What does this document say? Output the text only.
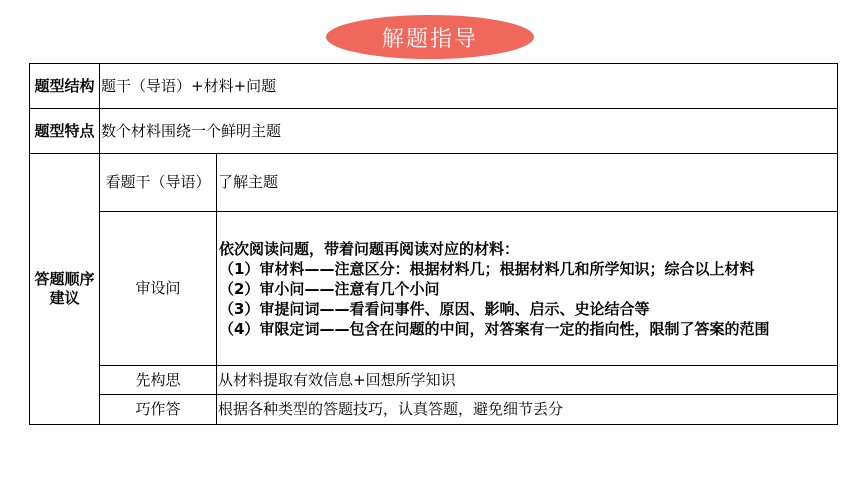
解题指导
题型结构	题干（导语）+材料+问题	
题型特点	数个材料围绕一个鲜明主题	
答题顺序建议	看题干（导语）	了解主题
	审设问	依次阅读问题，带着问题再阅读对应的材料：
（1）审材料——注意区分：根据材料几；根据材料几和所学知识；综合以上材料
（2）审小问——注意有几个小问
（3）审提问词——看看问事件、原因、影响、启示、史论结合等
（4）审限定词——包含在问题的中间，对答案有一定的指向性，限制了答案的范围

	先构思	从材料提取有效信息+回想所学知识
	巧作答	根据各种类型的答题技巧，认真答题，避免细节丢分
